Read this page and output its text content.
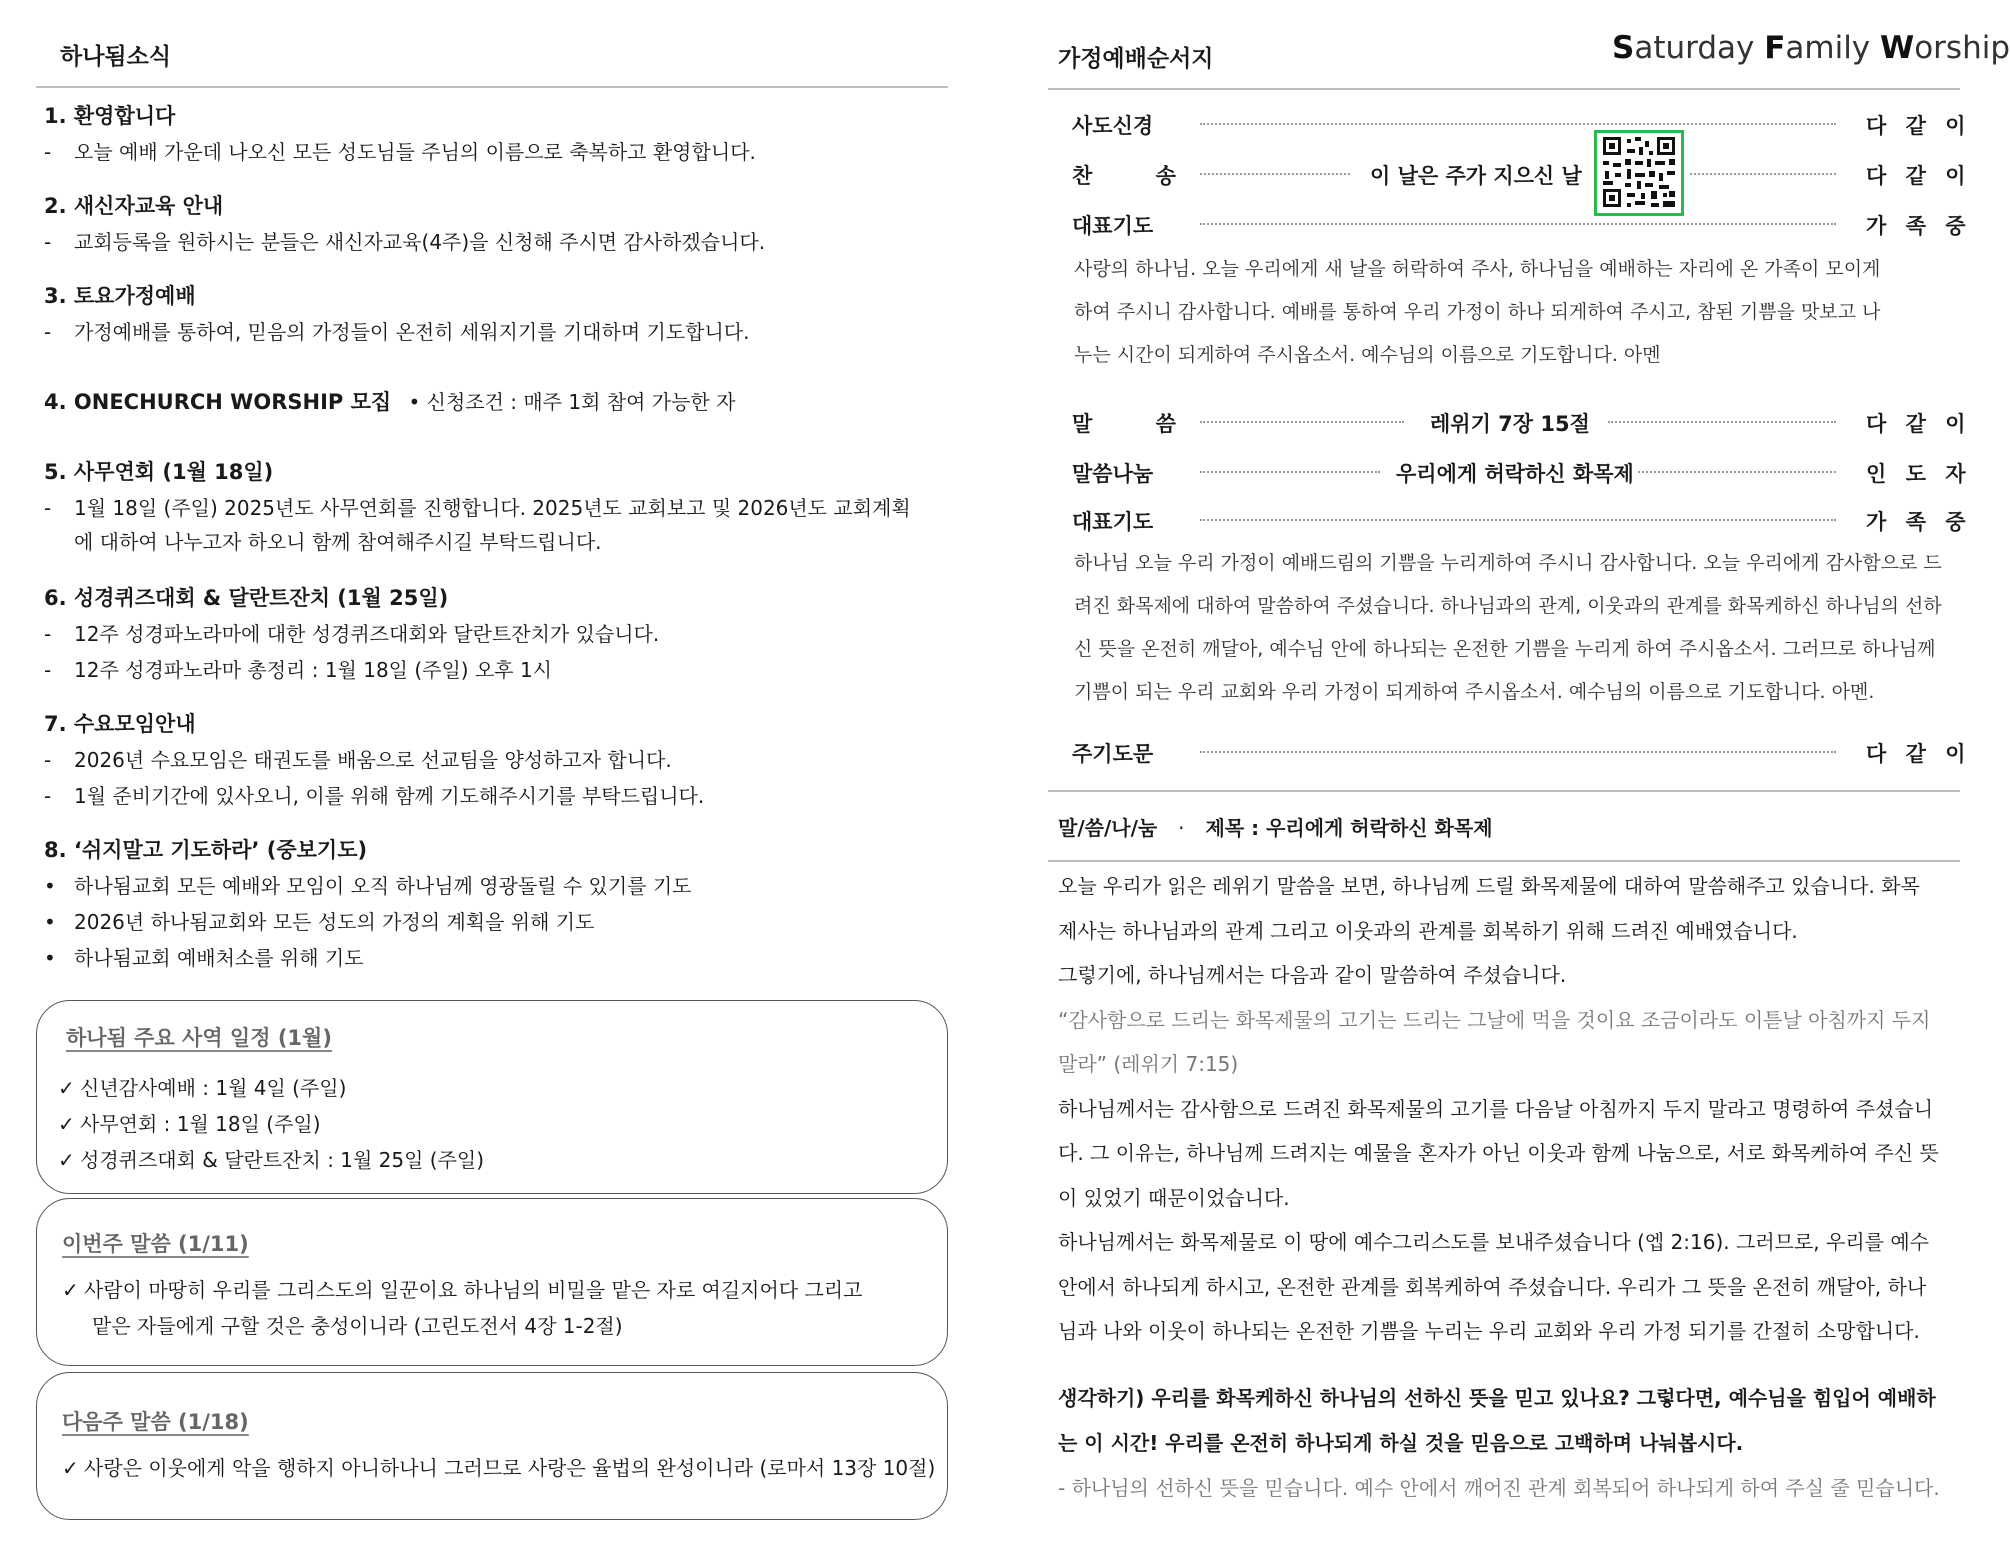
하나됨소식
1. 환영합니다
- 오늘 예배 가운데 나오신 모든 성도님들 주님의 이름으로 축복하고 환영합니다.
2. 새신자교육 안내
- 교회등록을 원하시는 분들은 새신자교육(4주)을 신청해 주시면 감사하겠습니다.
3. 토요가정예배
- 가정예배를 통하여, 믿음의 가정들이 온전히 세워지기를 기대하며 기도합니다.
4. ONECHURCH WORSHIP 모집 • 신청조건 : 매주 1회 참여 가능한 자
5. 사무연회 (1월 18일)
- 1월 18일 (주일) 2025년도 사무연회를 진행합니다. 2025년도 교회보고 및 2026년도 교회계획
에 대하여 나누고자 하오니 함께 참여해주시길 부탁드립니다.
6. 성경퀴즈대회 & 달란트잔치 (1월 25일)
- 12주 성경파노라마에 대한 성경퀴즈대회와 달란트잔치가 있습니다.
- 12주 성경파노라마 총정리 : 1월 18일 (주일) 오후 1시
7. 수요모임안내
- 2026년 수요모임은 태권도를 배움으로 선교팀을 양성하고자 합니다.
- 1월 준비기간에 있사오니, 이를 위해 함께 기도해주시기를 부탁드립니다.
8. ‘쉬지말고 기도하라’ (중보기도)
• 하나됨교회 모든 예배와 모임이 오직 하나님께 영광돌릴 수 있기를 기도
• 2026년 하나됨교회와 모든 성도의 가정의 계획을 위해 기도
• 하나됨교회 예배처소를 위해 기도
하나됨 주요 사역 일정 (1월)
✓ 신년감사예배 : 1월 4일 (주일)
✓ 사무연회 : 1월 18일 (주일)
✓ 성경퀴즈대회 & 달란트잔치 : 1월 25일 (주일)
이번주 말씀 (1/11)
✓ 사람이 마땅히 우리를 그리스도의 일꾼이요 하나님의 비밀을 맡은 자로 여길지어다 그리고
맡은 자들에게 구할 것은 충성이니라 (고린도전서 4장 1-2절)
다음주 말씀 (1/18)
✓ 사랑은 이웃에게 악을 행하지 아니하나니 그러므로 사랑은 율법의 완성이니라 (로마서 13장 10절)
가정예배순서지	Saturday Family Worship
사도신경	다 같 이
찬 송	이 날은 주가 지으신 날	다 같 이
대표기도	가 족 중
사랑의 하나님. 오늘 우리에게 새 날을 허락하여 주사, 하나님을 예배하는 자리에 온 가족이 모이게
하여 주시니 감사합니다. 예배를 통하여 우리 가정이 하나 되게하여 주시고, 참된 기쁨을 맛보고 나
누는 시간이 되게하여 주시옵소서. 예수님의 이름으로 기도합니다. 아멘
말 씀	레위기 7장 15절	다 같 이
말씀나눔	우리에게 허락하신 화목제	인 도 자
대표기도	가 족 중
하나님 오늘 우리 가정이 예배드림의 기쁨을 누리게하여 주시니 감사합니다. 오늘 우리에게 감사함으로 드
려진 화목제에 대하여 말씀하여 주셨습니다. 하나님과의 관계, 이웃과의 관계를 화목케하신 하나님의 선하
신 뜻을 온전히 깨달아, 예수님 안에 하나되는 온전한 기쁨을 누리게 하여 주시옵소서. 그러므로 하나님께
기쁨이 되는 우리 교회와 우리 가정이 되게하여 주시옵소서. 예수님의 이름으로 기도합니다. 아멘.
주기도문	다 같 이
말/씀/나/눔 · 제목 : 우리에게 허락하신 화목제
오늘 우리가 읽은 레위기 말씀을 보면, 하나님께 드릴 화목제물에 대하여 말씀해주고 있습니다. 화목
제사는 하나님과의 관계 그리고 이웃과의 관계를 회복하기 위해 드려진 예배였습니다.
그렇기에, 하나님께서는 다음과 같이 말씀하여 주셨습니다.
“감사함으로 드리는 화목제물의 고기는 드리는 그날에 먹을 것이요 조금이라도 이튿날 아침까지 두지
말라” (레위기 7:15)
하나님께서는 감사함으로 드려진 화목제물의 고기를 다음날 아침까지 두지 말라고 명령하여 주셨습니
다. 그 이유는, 하나님께 드려지는 예물을 혼자가 아닌 이웃과 함께 나눔으로, 서로 화목케하여 주신 뜻
이 있었기 때문이었습니다.
하나님께서는 화목제물로 이 땅에 예수그리스도를 보내주셨습니다 (엡 2:16). 그러므로, 우리를 예수
안에서 하나되게 하시고, 온전한 관계를 회복케하여 주셨습니다. 우리가 그 뜻을 온전히 깨달아, 하나
님과 나와 이웃이 하나되는 온전한 기쁨을 누리는 우리 교회와 우리 가정 되기를 간절히 소망합니다.
생각하기) 우리를 화목케하신 하나님의 선하신 뜻을 믿고 있나요? 그렇다면, 예수님을 힘입어 예배하
는 이 시간! 우리를 온전히 하나되게 하실 것을 믿음으로 고백하며 나눠봅시다.
- 하나님의 선하신 뜻을 믿습니다. 예수 안에서 깨어진 관계 회복되어 하나되게 하여 주실 줄 믿습니다.
